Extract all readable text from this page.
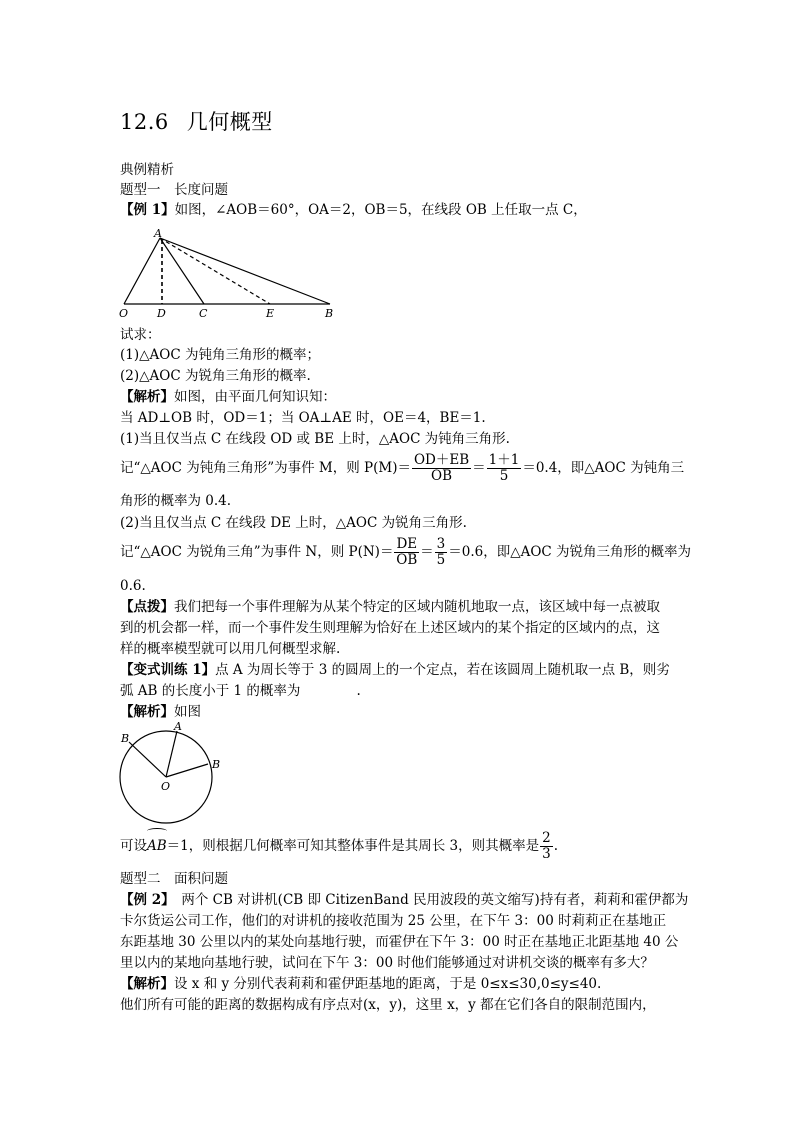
12.6 几何概型
典例精析
题型一　长度问题
【例 1】如图，∠AOB＝60°，OA＝2，OB＝5，在线段 OB 上任取一点 C，
A
O	D	C	E	B
试求：
(1)△AOC 为钝角三角形的概率；
(2)△AOC 为锐角三角形的概率.
【解析】如图，由平面几何知识知：
当 AD⊥OB 时，OD＝1；当 OA⊥AE 时，OE＝4，BE＝1.
(1)当且仅当点 C 在线段 OD 或 BE 上时，△AOC 为钝角三角形.
记“△AOC 为钝角三角形”为事件 M，则 $P(M)= \frac{OD+EB}{OB} = \frac{1+1}{5} =0.4$，即△AOC 为钝角三
角形的概率为 0.4.
(2)当且仅当点 C 在线段 DE 上时，△AOC 为锐角三角形.
记“△AOC 为锐角三角”为事件 N，则 $P(N)= \frac{DE}{OB} = \frac{3}{5} =0.6$，即△AOC 为锐角三角形的概率为
0.6.
【点拨】我们把每一个事件理解为从某个特定的区域内随机地取一点，该区域中每一点被取
到的机会都一样，而一个事件发生则理解为恰好在上述区域内的某个指定的区域内的点，这
样的概率模型就可以用几何概型求解.
【变式训练 1】点 A 为周长等于 3 的圆周上的一个定点，若在该圆周上随机取一点 B，则劣
弧 AB 的长度小于 1 的概率为	.
【解析】如图
A
B
B
O
可设AB＝1，则根据几何概率可知其整体事件是其周长 3，则其概率是 $\frac{2}{3}$ .
题型二　面积问题
【例 2】　两个 CB 对讲机(CB 即 CitizenBand 民用波段的英文缩写)持有者，莉莉和霍伊都为
卡尔货运公司工作，他们的对讲机的接收范围为 25 公里，在下午 3：00 时莉莉正在基地正
东距基地 30 公里以内的某处向基地行驶，而霍伊在下午 3：00 时正在基地正北距基地 40 公
里以内的某地向基地行驶，试问在下午 3：00 时他们能够通过对讲机交谈的概率有多大？
【解析】设 x 和 y 分别代表莉莉和霍伊距基地的距离，于是 0≤x≤30,0≤y≤40.
他们所有可能的距离的数据构成有序点对(x，y)，这里 x，y 都在它们各自的限制范围内，
